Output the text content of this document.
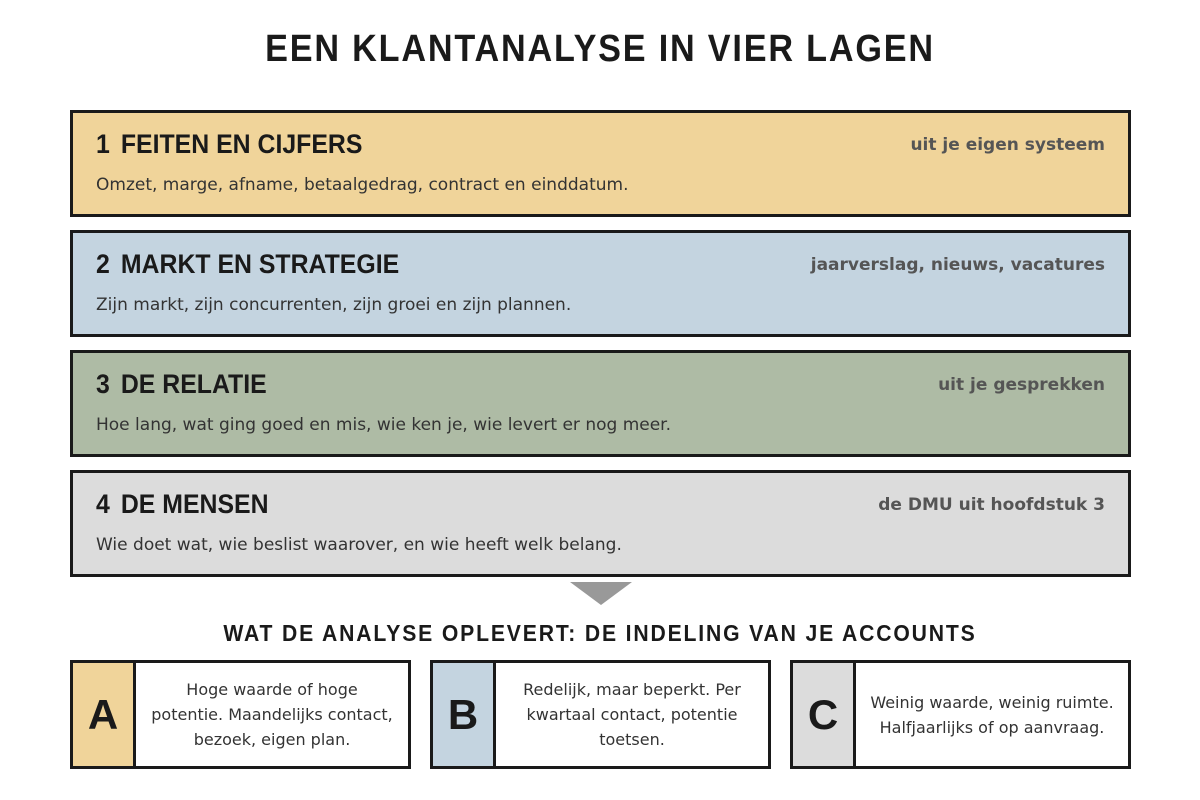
EEN KLANTANALYSE IN VIER LAGEN
1 FEITEN EN CIJFERS	uit je eigen systeem
Omzet, marge, afname, betaalgedrag, contract en einddatum.
2 MARKT EN STRATEGIE	jaarverslag, nieuws, vacatures
Zijn markt, zijn concurrenten, zijn groei en zijn plannen.
3 DE RELATIE	uit je gesprekken
Hoe lang, wat ging goed en mis, wie ken je, wie levert er nog meer.
4 DE MENSEN	de DMU uit hoofdstuk 3
Wie doet wat, wie beslist waarover, en wie heeft welk belang.
WAT DE ANALYSE OPLEVERT: DE INDELING VAN JE ACCOUNTS
A
Hoge waarde of hoge potentie. Maandelijks contact, bezoek, eigen plan.
B
Redelijk, maar beperkt. Per kwartaal contact, potentie toetsen.
C	Weinig waarde, weinig ruimte. Halfjaarlijks of op aanvraag.
